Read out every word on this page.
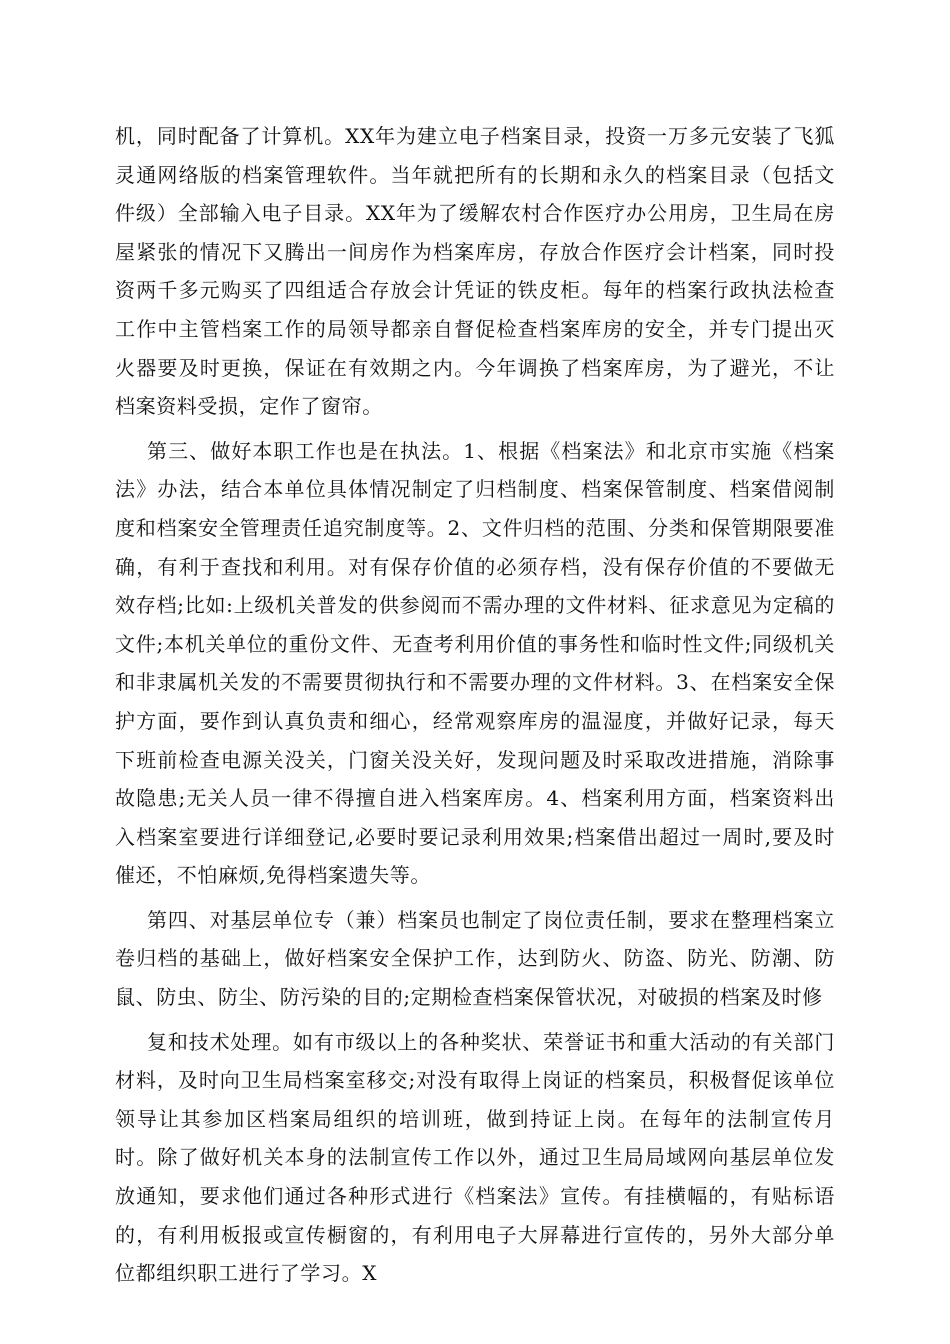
机，同时配备了计算机。XX年为建立电子档案目录，投资一万多元安装了飞狐灵通网络版的档案管理软件。当年就把所有的长期和永久的档案目录（包括文件级）全部输入电子目录。XX年为了缓解农村合作医疗办公用房，卫生局在房屋紧张的情况下又腾出一间房作为档案库房，存放合作医疗会计档案，同时投资两千多元购买了四组适合存放会计凭证的铁皮柜。每年的档案行政执法检查工作中主管档案工作的局领导都亲自督促检查档案库房的安全，并专门提出灭火器要及时更换，保证在有效期之内。今年调换了档案库房，为了避光，不让档案资料受损，定作了窗帘。

第三、做好本职工作也是在执法。1、根据《档案法》和北京市实施《档案法》办法，结合本单位具体情况制定了归档制度、档案保管制度、档案借阅制度和档案安全管理责任追究制度等。2、文件归档的范围、分类和保管期限要准确，有利于查找和利用。对有保存价值的必须存档，没有保存价值的不要做无效存档;比如:上级机关普发的供参阅而不需办理的文件材料、征求意见为定稿的文件;本机关单位的重份文件、无查考利用价值的事务性和临时性文件;同级机关和非隶属机关发的不需要贯彻执行和不需要办理的文件材料。3、在档案安全保护方面，要作到认真负责和细心，经常观察库房的温湿度，并做好记录，每天下班前检查电源关没关，门窗关没关好，发现问题及时采取改进措施，消除事故隐患;无关人员一律不得擅自进入档案库房。4、档案利用方面，档案资料出入档案室要进行详细登记,必要时要记录利用效果;档案借出超过一周时,要及时催还，不怕麻烦,免得档案遗失等。

第四、对基层单位专（兼）档案员也制定了岗位责任制，要求在整理档案立卷归档的基础上，做好档案安全保护工作，达到防火、防盗、防光、防潮、防鼠、防虫、防尘、防污染的目的;定期检查档案保管状况，对破损的档案及时修

复和技术处理。如有市级以上的各种奖状、荣誉证书和重大活动的有关部门材料，及时向卫生局档案室移交;对没有取得上岗证的档案员，积极督促该单位领导让其参加区档案局组织的培训班，做到持证上岗。在每年的法制宣传月时。除了做好机关本身的法制宣传工作以外，通过卫生局局域网向基层单位发放通知，要求他们通过各种形式进行《档案法》宣传。有挂横幅的，有贴标语的，有利用板报或宣传橱窗的，有利用电子大屏幕进行宣传的，另外大部分单位都组织职工进行了学习。X
